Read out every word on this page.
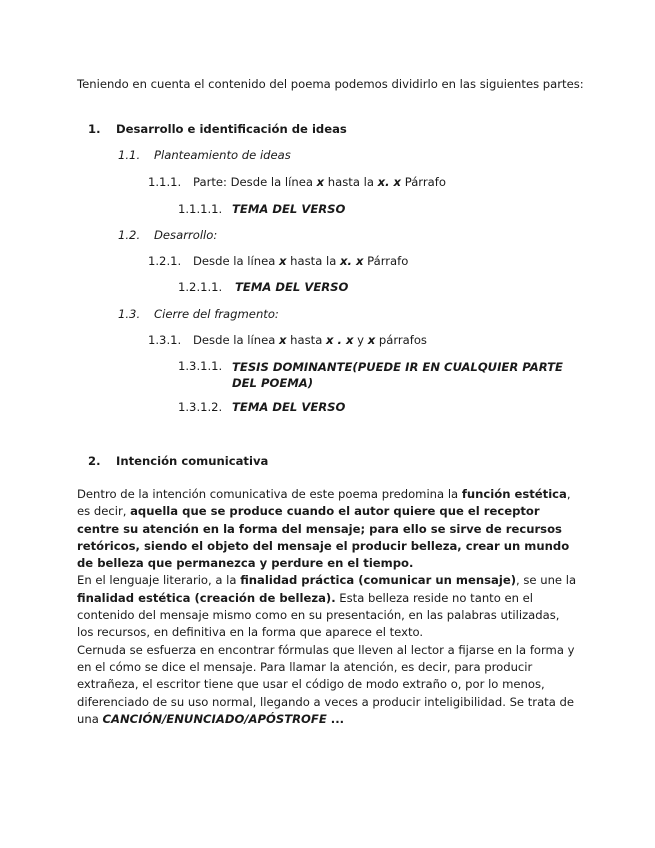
Teniendo en cuenta el contenido del poema podemos dividirlo en las siguientes partes:
1. Desarrollo e identificación de ideas
1.1. Planteamiento de ideas
1.1.1. Parte: Desde la línea x hasta la x. x Párrafo
1.1.1.1. TEMA DEL VERSO
1.2. Desarrollo:
1.2.1. Desde la línea x hasta la x. x Párrafo
1.2.1.1. TEMA DEL VERSO
1.3. Cierre del fragmento:
1.3.1. Desde la línea x hasta x . x y x párrafos
1.3.1.1. TESIS DOMINANTE(PUEDE IR EN CUALQUIER PARTE
DEL POEMA)
1.3.1.2. TEMA DEL VERSO
2. Intención comunicativa

Dentro de la intención comunicativa de este poema predomina la función estética, es decir, aquella que se produce cuando el autor quiere que el receptor centre su atención en la forma del mensaje; para ello se sirve de recursos retóricos, siendo el objeto del mensaje el producir belleza, crear un mundo de belleza que permanezca y perdure en el tiempo.

En el lenguaje literario, a la finalidad práctica (comunicar un mensaje), se une la finalidad estética (creación de belleza). Esta belleza reside no tanto en el contenido del mensaje mismo como en su presentación, en las palabras utilizadas, los recursos, en definitiva en la forma que aparece el texto.

Cernuda se esfuerza en encontrar fórmulas que lleven al lector a fijarse en la forma y en el cómo se dice el mensaje. Para llamar la atención, es decir, para producir extrañeza, el escritor tiene que usar el código de modo extraño o, por lo menos, diferenciado de su uso normal, llegando a veces a producir inteligibilidad. Se trata de una CANCIÓN/ENUNCIADO/APÓSTROFE ...
